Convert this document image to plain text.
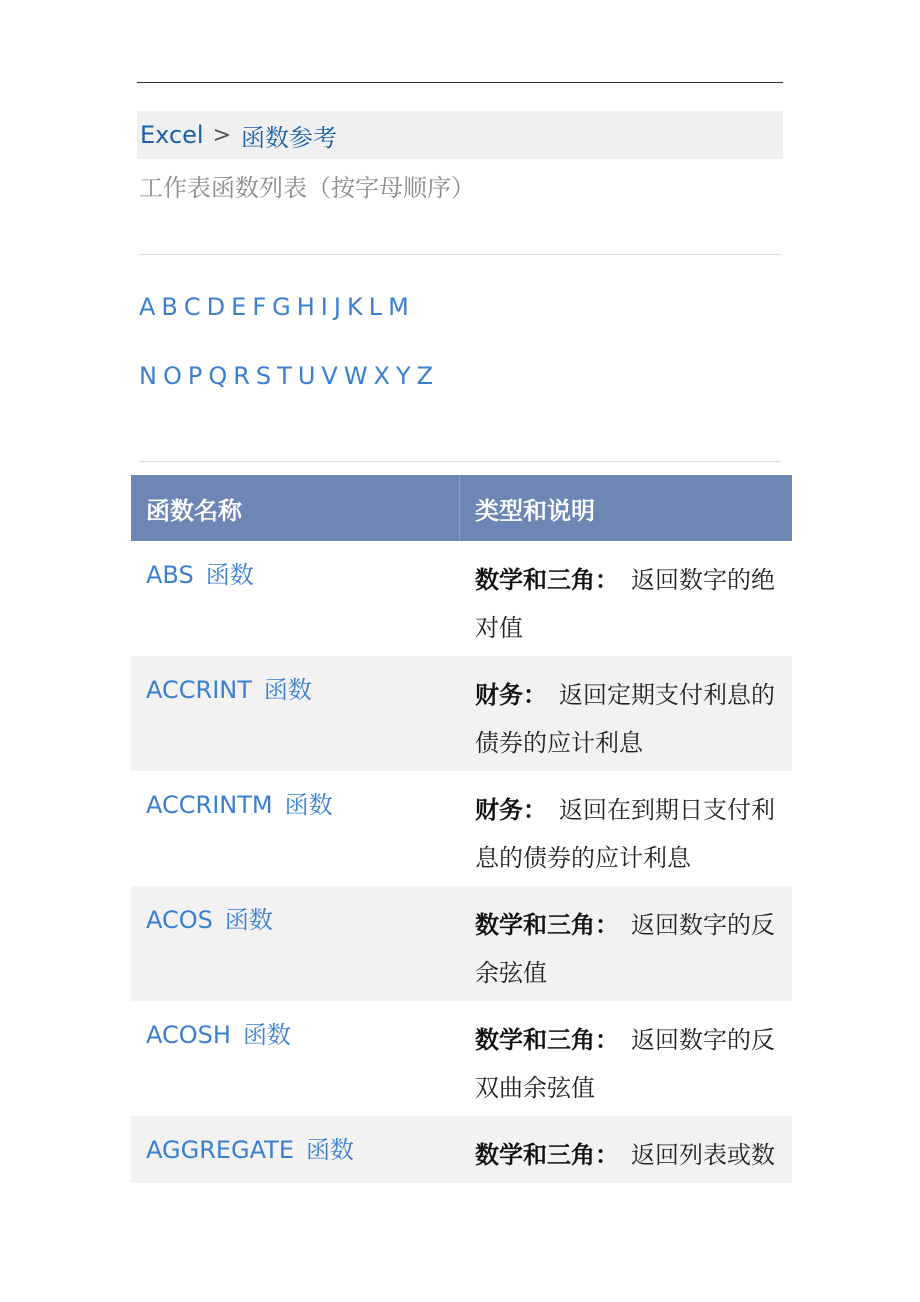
Excel > 函数参考
工作表函数列表（按字母顺序）
A B C D E F G H I J K L M
N O P Q R S T U V W X Y Z
函数名称	类型和说明
ABS 函数	数学和三角： 返回数字的绝对值
ACCRINT 函数	财务： 返回定期支付利息的债券的应计利息
ACCRINTM 函数	财务： 返回在到期日支付利息的债券的应计利息
ACOS 函数	数学和三角： 返回数字的反余弦值
ACOSH 函数	数学和三角： 返回数字的反双曲余弦值
AGGREGATE 函数	数学和三角： 返回列表或数
